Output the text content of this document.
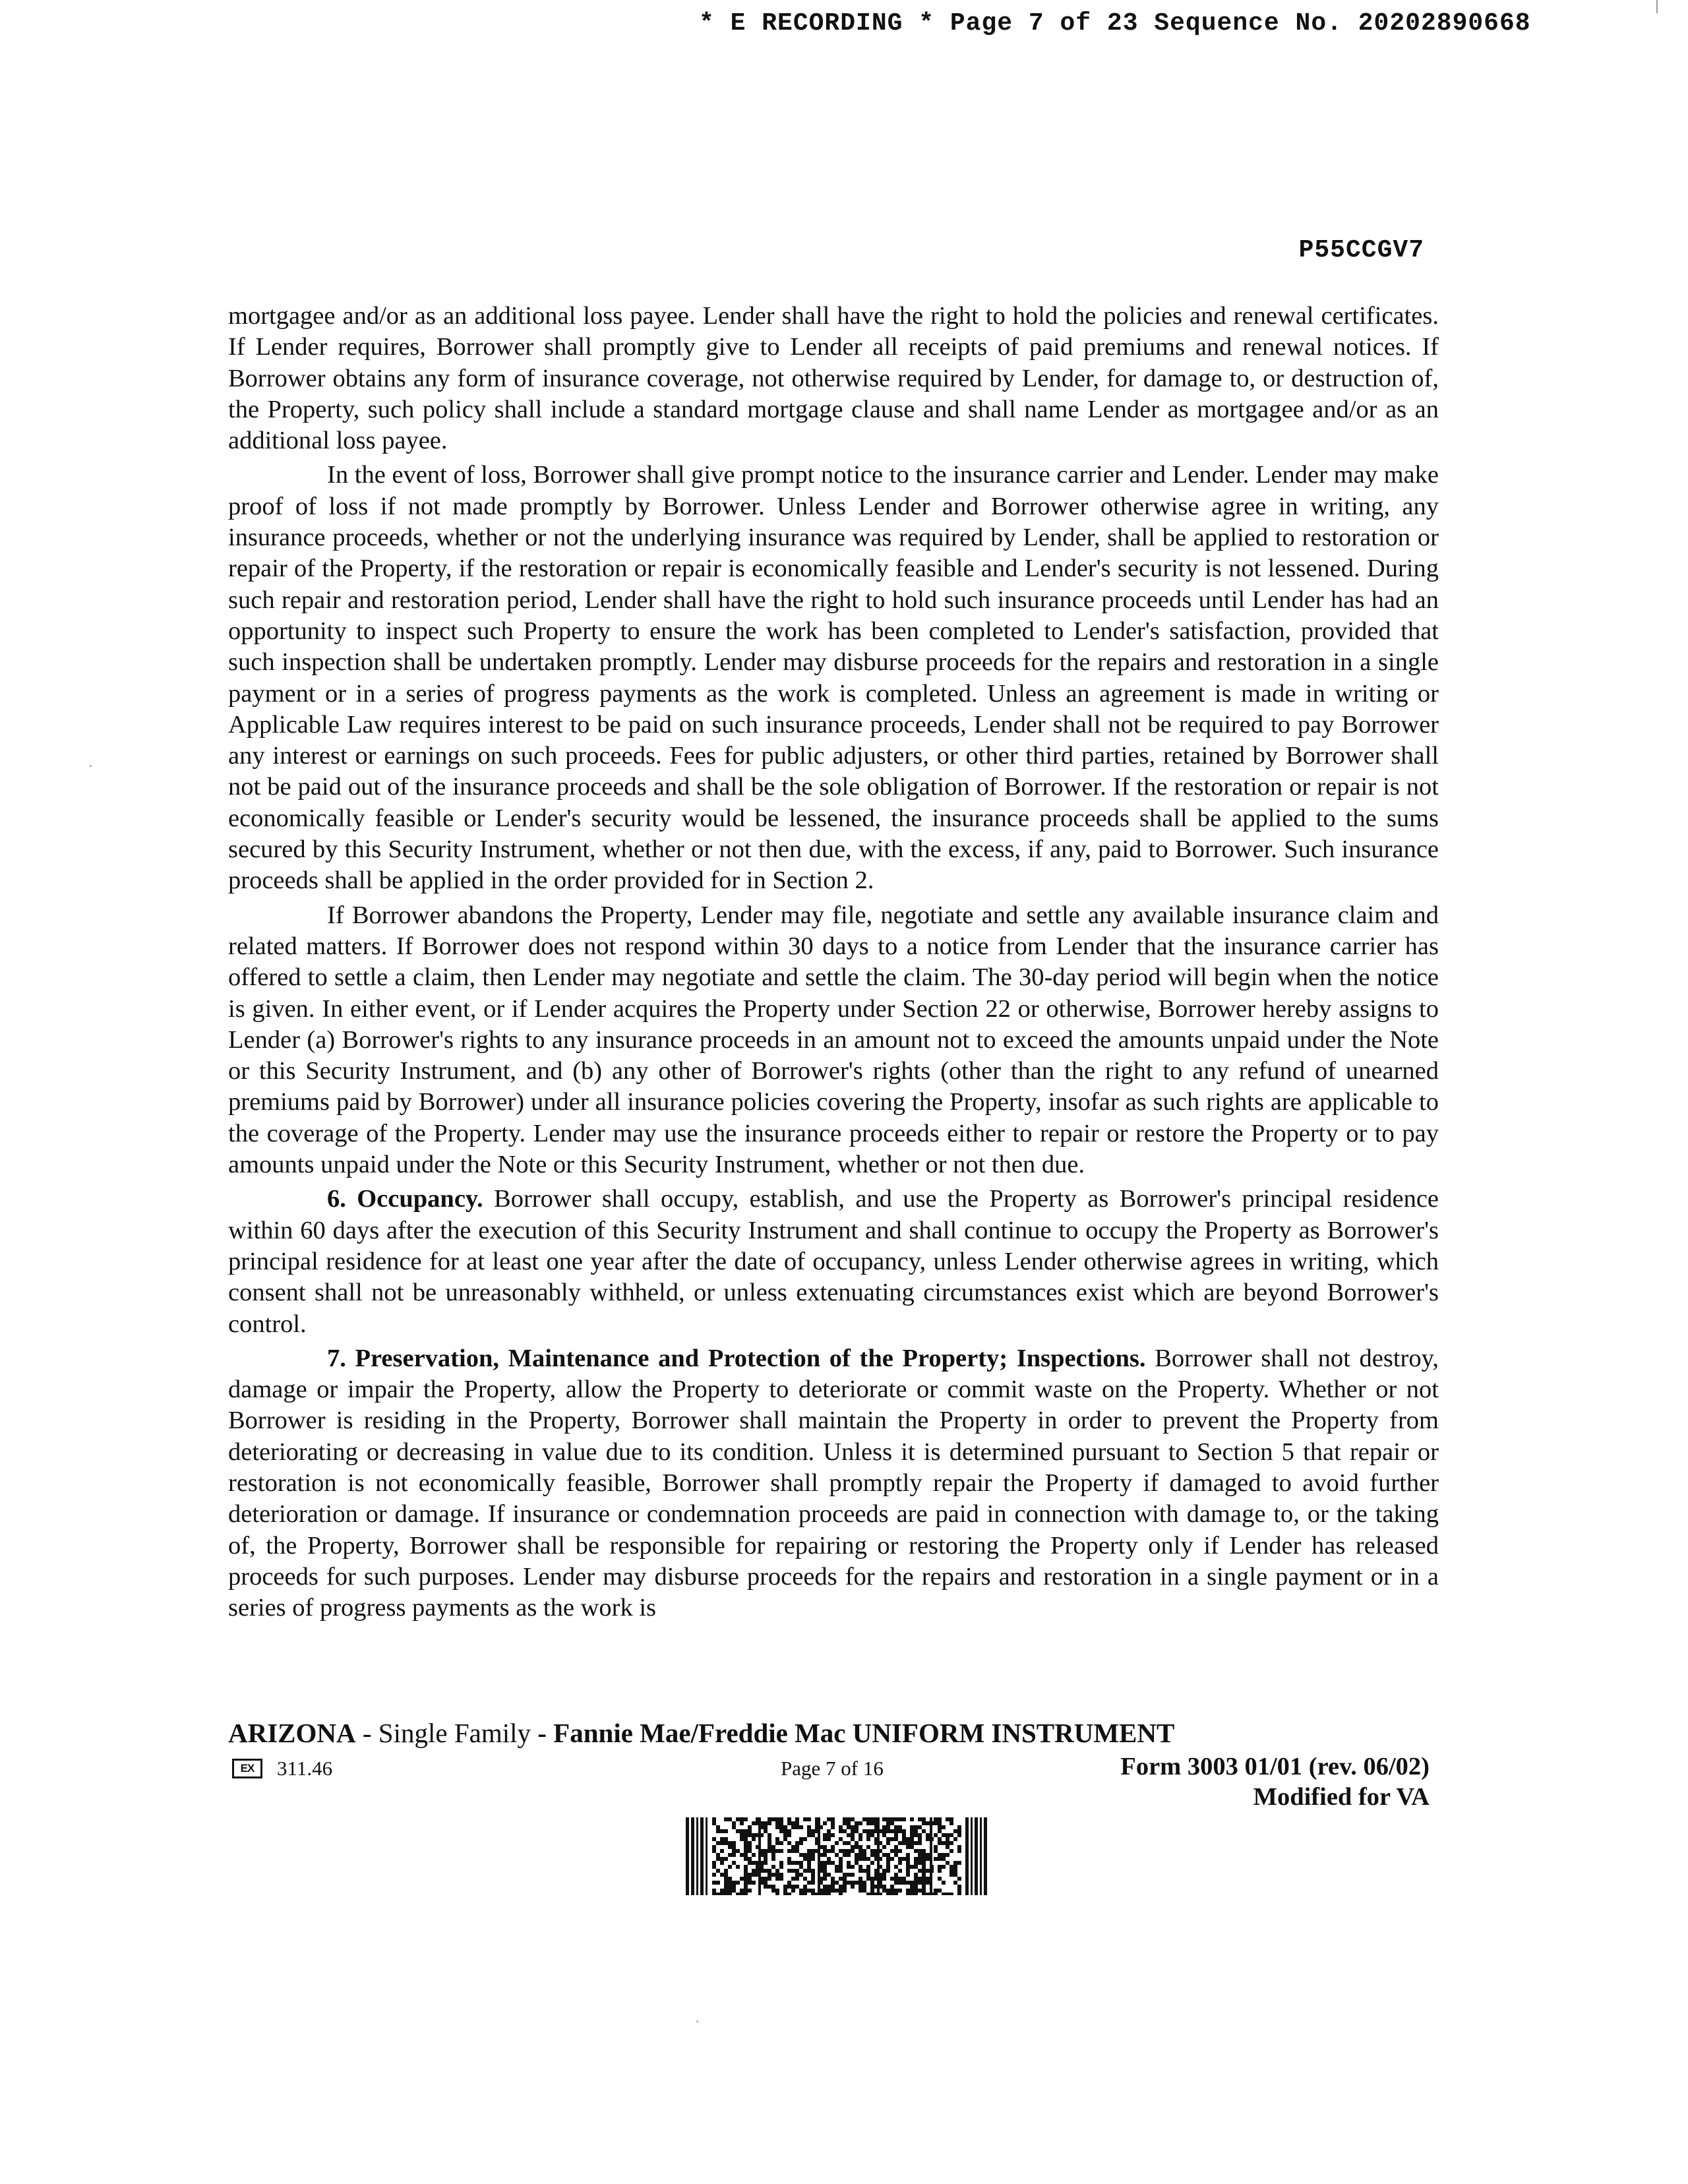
* E RECORDING * Page 7 of 23 Sequence No. 20202890668
P55CCGV7

mortgagee and/or as an additional loss payee. Lender shall have the right to hold the policies and renewal certificates. If Lender requires, Borrower shall promptly give to Lender all receipts of paid premiums and renewal notices. If Borrower obtains any form of insurance coverage, not otherwise required by Lender, for damage to, or destruction of, the Property, such policy shall include a standard mortgage clause and shall name Lender as mortgagee and/or as an additional loss payee.

In the event of loss, Borrower shall give prompt notice to the insurance carrier and Lender. Lender may make proof of loss if not made promptly by Borrower. Unless Lender and Borrower otherwise agree in writing, any insurance proceeds, whether or not the underlying insurance was required by Lender, shall be applied to restoration or repair of the Property, if the restoration or repair is economically feasible and Lender's security is not lessened. During such repair and restoration period, Lender shall have the right to hold such insurance proceeds until Lender has had an opportunity to inspect such Property to ensure the work has been completed to Lender's satisfaction, provided that such inspection shall be undertaken promptly. Lender may disburse proceeds for the repairs and restoration in a single payment or in a series of progress payments as the work is completed. Unless an agreement is made in writing or Applicable Law requires interest to be paid on such insurance proceeds, Lender shall not be required to pay Borrower any interest or earnings on such proceeds. Fees for public adjusters, or other third parties, retained by Borrower shall not be paid out of the insurance proceeds and shall be the sole obligation of Borrower. If the restoration or repair is not economically feasible or Lender's security would be lessened, the insurance proceeds shall be applied to the sums secured by this Security Instrument, whether or not then due, with the excess, if any, paid to Borrower. Such insurance proceeds shall be applied in the order provided for in Section 2.

If Borrower abandons the Property, Lender may file, negotiate and settle any available insurance claim and related matters. If Borrower does not respond within 30 days to a notice from Lender that the insurance carrier has offered to settle a claim, then Lender may negotiate and settle the claim. The 30-day period will begin when the notice is given. In either event, or if Lender acquires the Property under Section 22 or otherwise, Borrower hereby assigns to Lender (a) Borrower's rights to any insurance proceeds in an amount not to exceed the amounts unpaid under the Note or this Security Instrument, and (b) any other of Borrower's rights (other than the right to any refund of unearned premiums paid by Borrower) under all insurance policies covering the Property, insofar as such rights are applicable to the coverage of the Property. Lender may use the insurance proceeds either to repair or restore the Property or to pay amounts unpaid under the Note or this Security Instrument, whether or not then due.

6. Occupancy. Borrower shall occupy, establish, and use the Property as Borrower's principal residence within 60 days after the execution of this Security Instrument and shall continue to occupy the Property as Borrower's principal residence for at least one year after the date of occupancy, unless Lender otherwise agrees in writing, which consent shall not be unreasonably withheld, or unless extenuating circumstances exist which are beyond Borrower's control.

7. Preservation, Maintenance and Protection of the Property; Inspections. Borrower shall not destroy, damage or impair the Property, allow the Property to deteriorate or commit waste on the Property. Whether or not Borrower is residing in the Property, Borrower shall maintain the Property in order to prevent the Property from deteriorating or decreasing in value due to its condition. Unless it is determined pursuant to Section 5 that repair or restoration is not economically feasible, Borrower shall promptly repair the Property if damaged to avoid further deterioration or damage. If insurance or condemnation proceeds are paid in connection with damage to, or the taking of, the Property, Borrower shall be responsible for repairing or restoring the Property only if Lender has released proceeds for such purposes. Lender may disburse proceeds for the repairs and restoration in a single payment or in a series of progress payments as the work is

ARIZONA - Single Family - Fannie Mae/Freddie Mac UNIFORM INSTRUMENT
EX	311.46	Page 7 of 16	Form 3003 01/01 (rev. 06/02)
Modified for VA
